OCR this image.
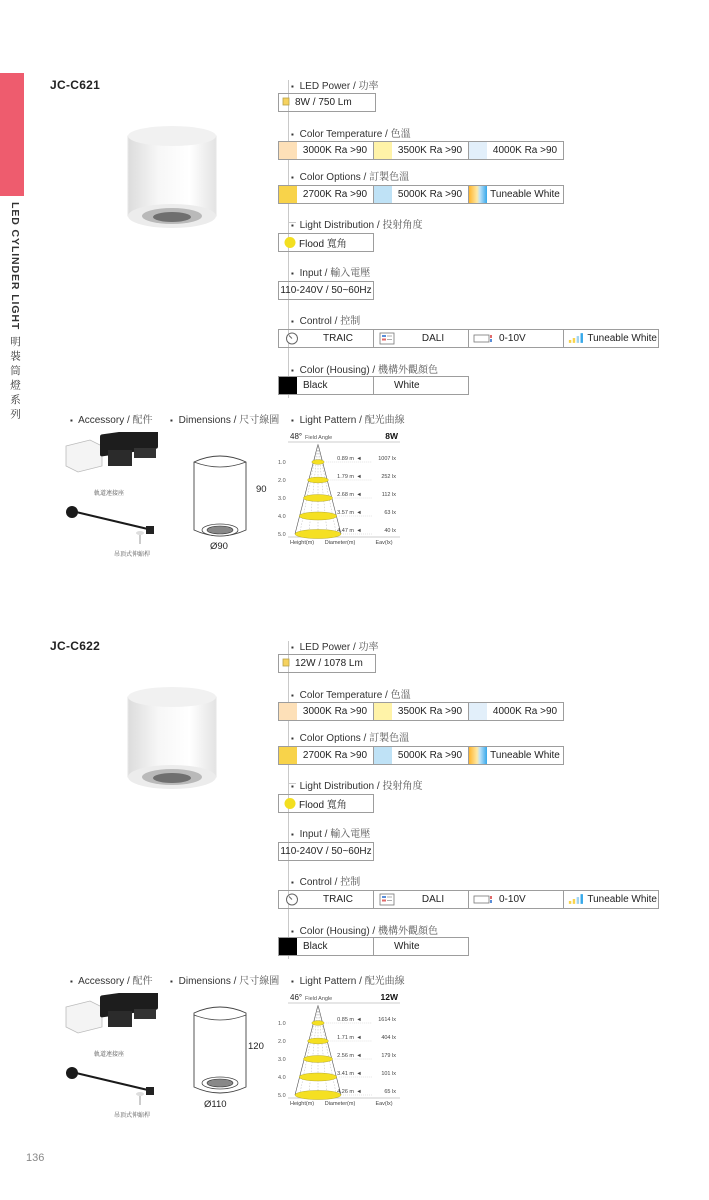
LED CYLINDER LIGHT明裝筒燈系列
JC-C621	▪ LED Power / 功率
8W / 750 Lm
▪ Color Temperature / 色溫
3000K Ra >90	3500K Ra >90	4000K Ra >90
▪ Color Options / 訂製色溫
2700K Ra >90	5000K Ra >90	Tuneable White
▪ Light Distribution / 投射角度
Flood 寬角
▪ Input / 輸入電壓
110-240V / 50~60Hz
▪ Control / 控制
TRAIC	DALI	0-10V	Tuneable White
▪ Color (Housing) / 機構外觀顏色
Black	White
▪ Accessory / 配件
軌道連接座
吊頂式伸縮桿
▪ Dimensions / 尺寸線圖
90
Ø90
▪ Light Pattern / 配光曲線
48° Field Angle	8W
1.0
0.89 m ◄	1007 lx
2.0
1.79 m ◄	252 lx
3.0
2.68 m ◄	112 lx
4.0
3.57 m ◄	63 lx
5.0
4.47 m ◄	40 lx
Height(m) Diameter(m)	Eav(lx)
JC-C622	▪ LED Power / 功率
12W / 1078 Lm
▪ Color Temperature / 色溫
3000K Ra >90	3500K Ra >90	4000K Ra >90
▪ Color Options / 訂製色溫
2700K Ra >90	5000K Ra >90	Tuneable White
▪ Light Distribution / 投射角度
Flood 寬角
▪ Input / 輸入電壓
110-240V / 50~60Hz
▪ Control / 控制
TRAIC	DALI	0-10V	Tuneable White
▪ Color (Housing) / 機構外觀顏色
Black	White
▪ Accessory / 配件
軌道連接座
吊頂式伸縮桿
▪ Dimensions / 尺寸線圖
120
Ø110
▪ Light Pattern / 配光曲線
46° Field Angle	12W
1.0
0.85 m ◄	1614 lx
2.0
1.71 m ◄	404 lx
3.0
2.56 m ◄	179 lx
4.0
3.41 m ◄	101 lx
5.0
4.26 m ◄	65 lx
Height(m) Diameter(m)	Eav(lx)
136
